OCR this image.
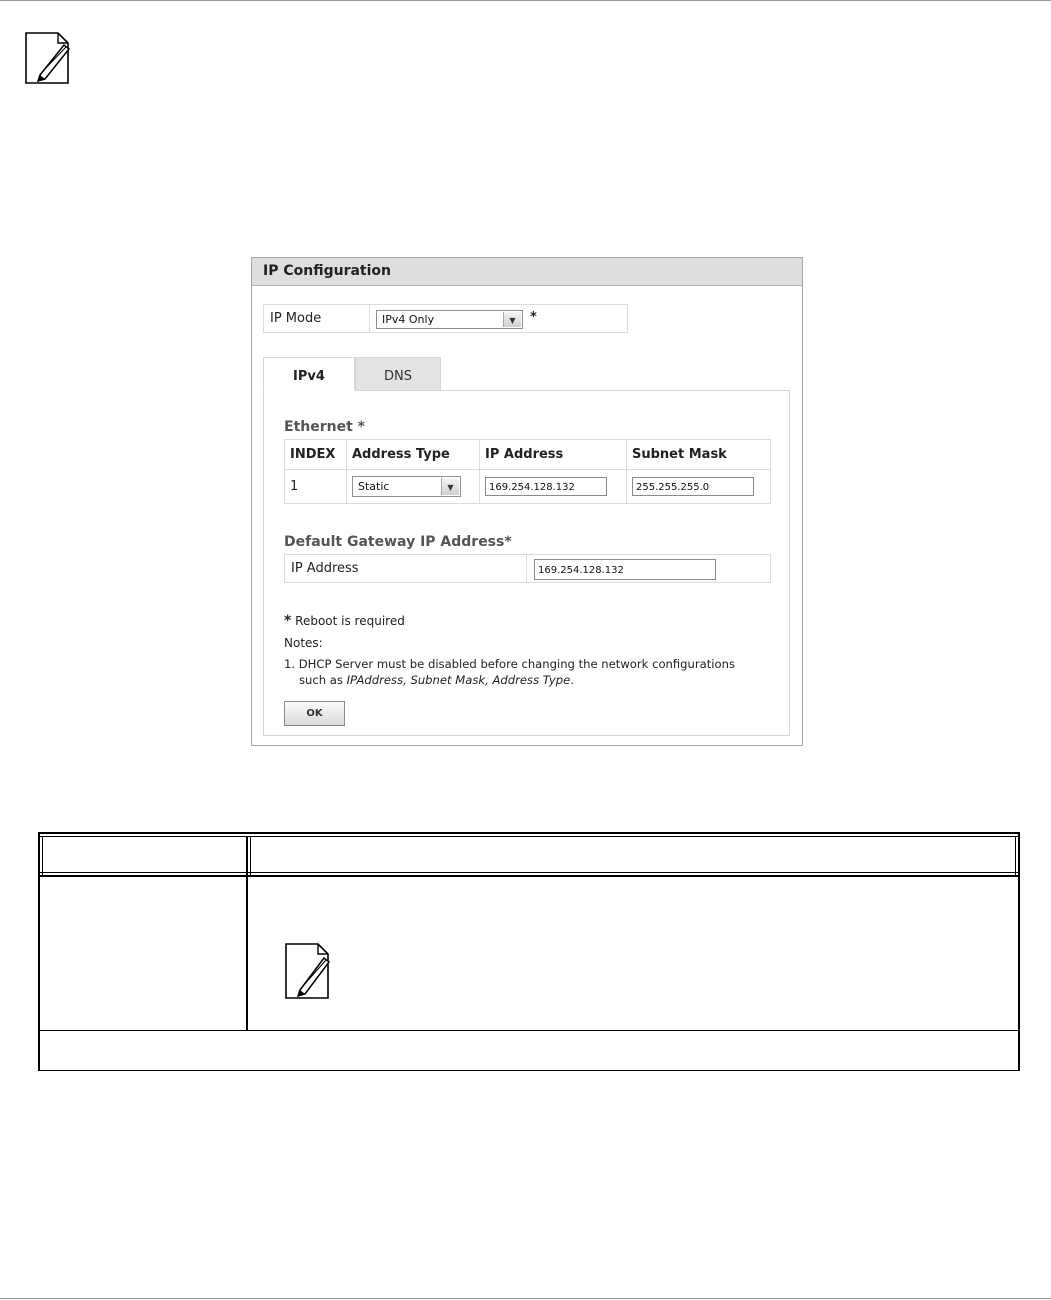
IP Configuration
IP Mode	IPv4 Only	▼	*
IPv4	DNS
Ethernet *
INDEX	Address Type	IP Address	Subnet Mask
1	Static ▼	169.254.128.132	255.255.255.0
Default Gateway IP Address*
IP Address	169.254.128.132
* Reboot is required
Notes:
1. DHCP Server must be disabled before changing the network configurations
such as IPAddress, Subnet Mask, Address Type.
OK
